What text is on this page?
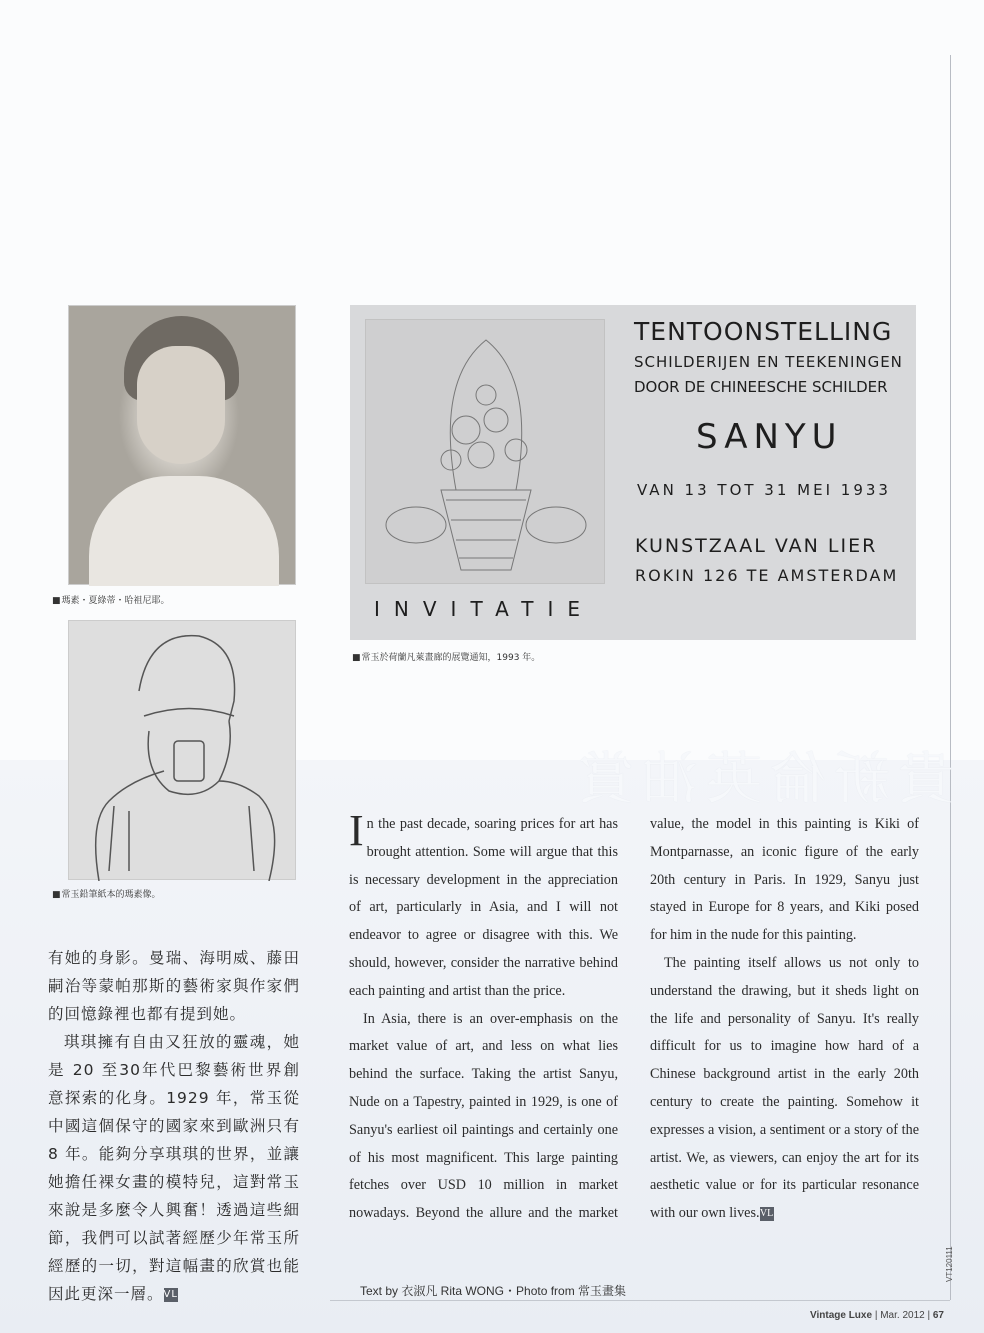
貴新倫英油賞
■ 瑪素・夏綠蒂・哈祖尼耶。
■ 常玉鉛筆紙本的瑪素像。
TENTOONSTELLING
SCHILDERIJEN EN TEEKENINGEN
DOOR DE CHINEESCHE SCHILDER
SANYU
VAN 13 TOT 31 MEI 1933
KUNSTZAAL VAN LIER
ROKIN 126 TE AMSTERDAM
INVITATIE
■ 常玉於荷蘭凡萊畫廊的展覽通知，1993 年。

有她的身影。曼瑞、海明威、藤田嗣治等蒙帕那斯的藝術家與作家們的回憶錄裡也都有提到她。

琪琪擁有自由又狂放的靈魂，她是 20 至30年代巴黎藝術世界創意探索的化身。1929 年，常玉從中國這個保守的國家來到歐洲只有 8 年。能夠分享琪琪的世界，並讓她擔任裸女畫的模特兒，這對常玉來說是多麼令人興奮！透過這些細節，我們可以試著經歷少年常玉所經歷的一切，對這幅畫的欣賞也能因此更深一層。VL

I n the past decade, soaring prices for art has brought attention. Some will argue that this is necessary development in the appreciation of art, particularly in Asia, and I will not endeavor to agree or disagree with this. We should, however, consider the narrative behind each painting and artist than the price.

In Asia, there is an over-emphasis on the market value of art, and less on what lies behind the surface. Taking the artist Sanyu, Nude on a Tapestry, painted in 1929, is one of Sanyu's earliest oil paintings and certainly one of his most magnificent. This large painting fetches over USD 10 million in market nowadays. Beyond the allure and the market

value, the model in this painting is Kiki of Montparnasse, an iconic figure of the early 20th century in Paris. In 1929, Sanyu just stayed in Europe for 8 years, and Kiki posed for him in the nude for this painting.

The painting itself allows us not only to understand the drawing, but it sheds light on the life and personality of Sanyu. It's really difficult for us to imagine how hard of a Chinese background artist in the early 20th century to create the painting. Somehow it expresses a vision, a sentiment or a story of the artist. We, as viewers, can enjoy the art for its aesthetic value or for its particular resonance with our own lives.VL

Text by 衣淑凡 Rita WONG・Photo from 常玉畫集
Vintage Luxe | Mar. 2012 | 67
VT120111
